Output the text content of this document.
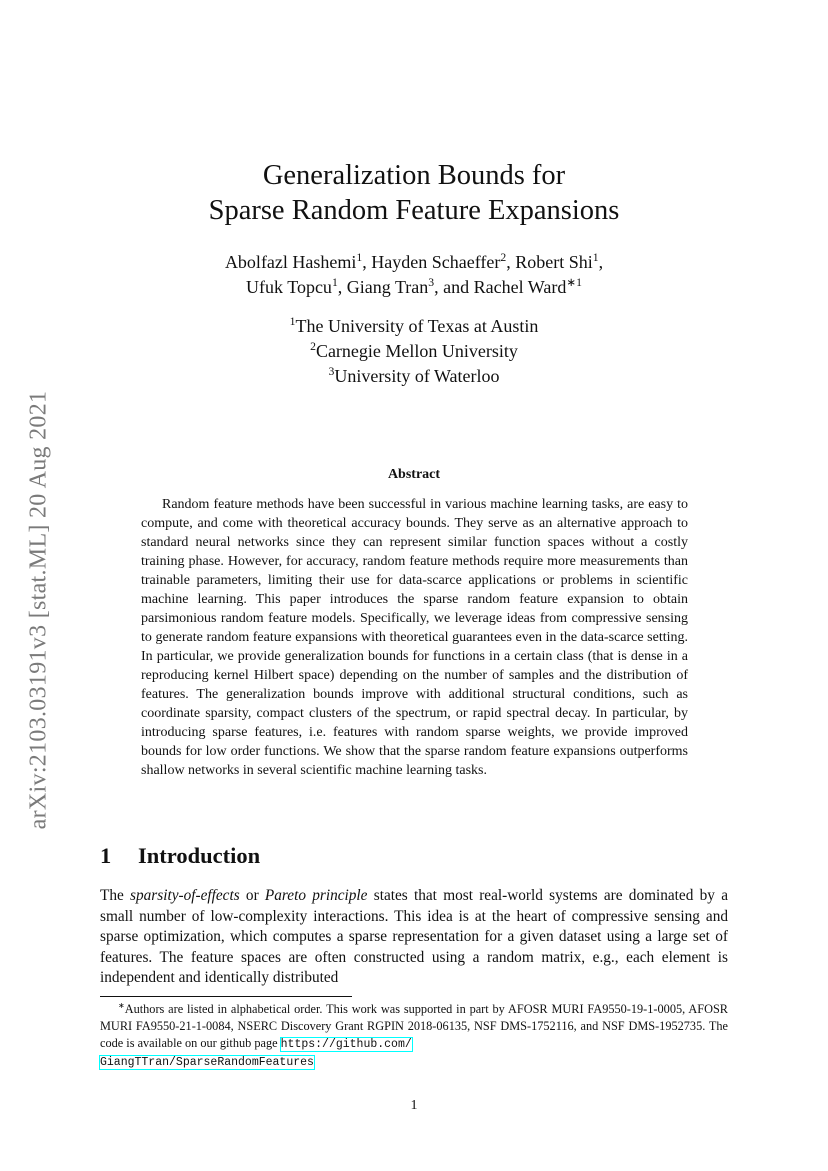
arXiv:2103.03191v3 [stat.ML] 20 Aug 2021
Generalization Bounds for
Sparse Random Feature Expansions
Abolfazl Hashemi$^1$, Hayden Schaeffer$^2$, Robert Shi$^1$,
Ufuk Topcu$^1$, Giang Tran$^3$, and Rachel Ward$^{∗1}$
$^1$The University of Texas at Austin
$^2$Carnegie Mellon University
$^3$University of Waterloo
Abstract
Random feature methods have been successful in various machine learning tasks, are easy to compute, and come with theoretical accuracy bounds. They serve as an alternative approach to standard neural networks since they can represent similar function spaces without a costly training phase. However, for accuracy, random feature methods require more measurements than trainable parameters, limiting their use for data-scarce applications or problems in scientific machine learning. This paper introduces the sparse random feature expansion to obtain parsimonious random feature models. Specifically, we leverage ideas from compressive sensing to generate random feature expansions with theoretical guarantees even in the data-scarce setting. In particular, we provide generalization bounds for functions in a certain class (that is dense in a reproducing kernel Hilbert space) depending on the number of samples and the distribution of features. The generalization bounds improve with additional structural conditions, such as coordinate sparsity, compact clusters of the spectrum, or rapid spectral decay. In particular, by introducing sparse features, i.e. features with random sparse weights, we provide improved bounds for low order functions. We show that the sparse random feature expansions outperforms shallow networks in several scientific machine learning tasks.
1 Introduction
The sparsity-of-effects or Pareto principle states that most real-world systems are dominated by a small number of low-complexity interactions. This idea is at the heart of compressive sensing and sparse optimization, which computes a sparse representation for a given dataset using a large set of features. The feature spaces are often constructed using a random matrix, e.g., each element is independent and identically distributed
∗Authors are listed in alphabetical order. This work was supported in part by AFOSR MURI FA9550-19-1-0005, AFOSR MURI FA9550-21-1-0084, NSERC Discovery Grant RGPIN 2018-06135, NSF DMS-1752116, and NSF DMS-1952735. The code is available on our github page https://github.com/
GiangTTran/SparseRandomFeatures
1
